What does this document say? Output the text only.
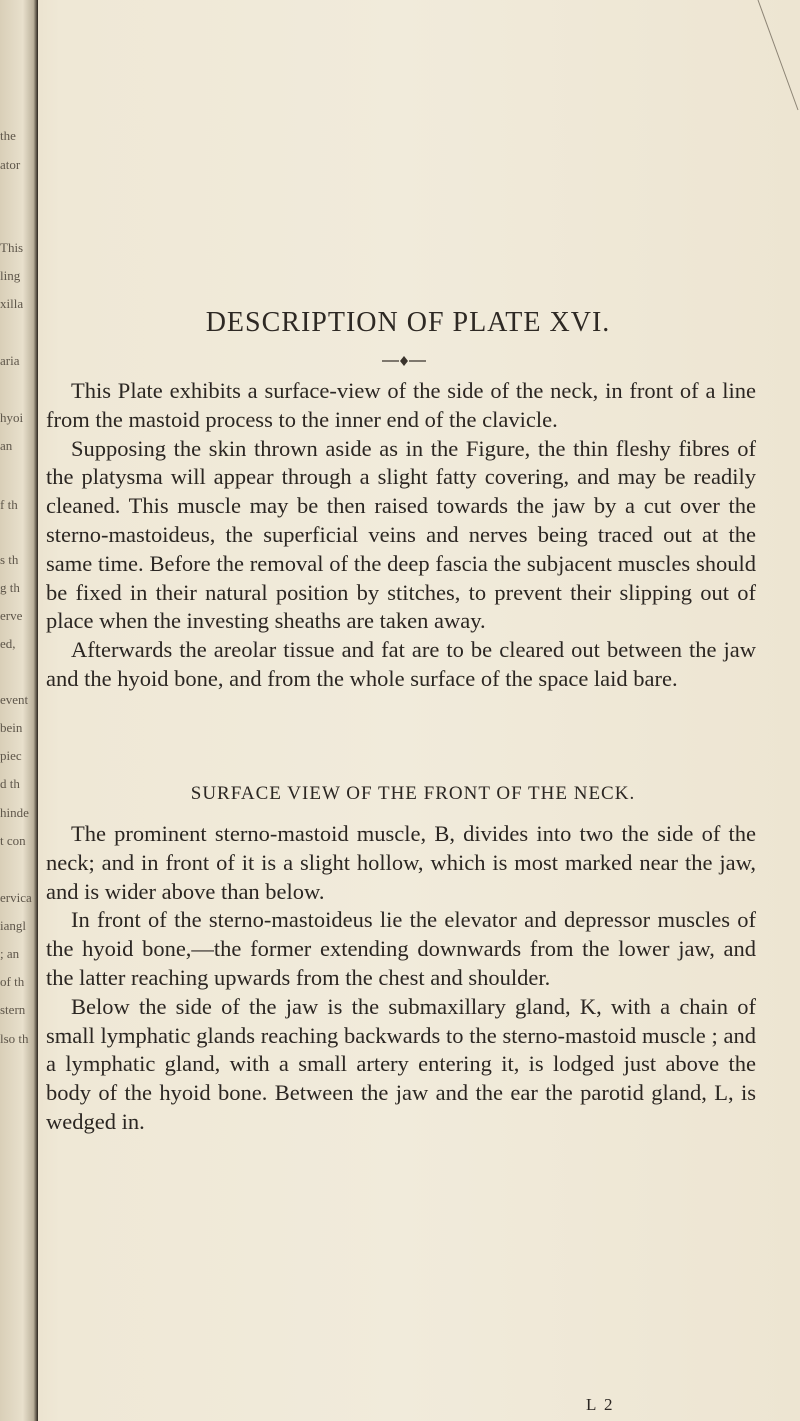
the
ator
This
ling
xilla
aria
hyoi
an
f th
s th
g th
erve
ed,
event
bein
piec
d th
hinde
t con
ervica
iangl
; an
of th
stern
lso th
DESCRIPTION OF PLATE XVI.

This Plate exhibits a surface-view of the side of the neck, in front of a line from the mastoid process to the inner end of the clavicle.

Supposing the skin thrown aside as in the Figure, the thin fleshy fibres of the platysma will appear through a slight fatty covering, and may be readily cleaned. This muscle may be then raised towards the jaw by a cut over the sterno-mastoideus, the superficial veins and nerves being traced out at the same time. Before the removal of the deep fascia the subjacent muscles should be fixed in their natural position by stitches, to prevent their slipping out of place when the investing sheaths are taken away.

Afterwards the areolar tissue and fat are to be cleared out between the jaw and the hyoid bone, and from the whole surface of the space laid bare.

SURFACE VIEW OF THE FRONT OF THE NECK.

The prominent sterno-mastoid muscle, B, divides into two the side of the neck; and in front of it is a slight hollow, which is most marked near the jaw, and is wider above than below.

In front of the sterno-mastoideus lie the elevator and depressor muscles of the hyoid bone,—the former extending downwards from the lower jaw, and the latter reaching upwards from the chest and shoulder.

Below the side of the jaw is the submaxillary gland, K, with a chain of small lymphatic glands reaching backwards to the sterno-mastoid muscle ; and a lymphatic gland, with a small artery entering it, is lodged just above the body of the hyoid bone. Between the jaw and the ear the parotid gland, L, is wedged in.

L 2
